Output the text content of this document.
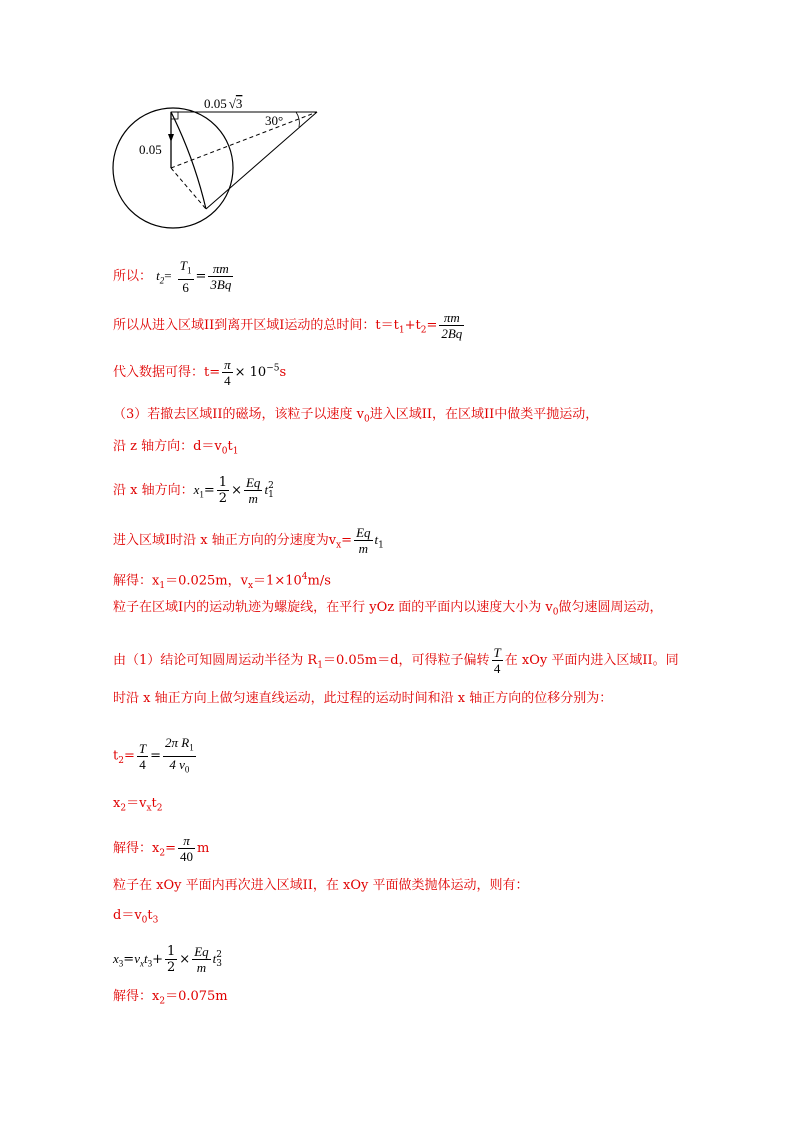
0.05 √3
30°
0.05
所以： $t_2= \frac{T_1}{6} = \frac{\pi m}{3Bq}$
所以从进入区域II到离开区域Ⅰ运动的总时间：$t=t_1+t_2= \frac{\pi m}{2Bq}$
代入数据可得：$t= \frac{\pi}{4} \times 10^{-5}s$
（3）若撤去区域II的磁场，该粒子以速度 $v_0$进入区域II，在区域II中做类平抛运动，
沿 z 轴方向：$d=v_0t_1$
沿 x 轴方向：$x_1= \frac{1}{2} \times \frac{Eq}{m}$ t 2
1
进入区域Ⅰ时沿 x 轴正方向的分速度为$v_x= \frac{Eq}{m} t_1$
解得：$x_1=0.025m$，$v_x=1\times 10^4m/s$
粒子在区域Ⅰ内的运动轨迹为螺旋线，在平行 yOz 面的平面内以速度大小为 $v_0$做匀速圆周运动，
由（1）结论可知圆周运动半径为 $R_1=0.05m=d$，可得粒子偏转 $\frac{T}{4}$ 在 xOy 平面内进入区域II。同
时沿 x 轴正方向上做匀速直线运动，此过程的运动时间和沿 x 轴正方向的位移分别为：
$t_2= \frac{T}{4} = \frac{2\pi R_1}{4 v_0}$
$x_2=v_xt_2$
解得：$x_2= \frac{\pi}{40}$ m
粒子在 xOy 平面内再次进入区域II，在 xOy 平面做类抛体运动，则有：
$d=v_0t_3$
$x_3=v_xt_3+ \frac{1}{2} \times \frac{Eq}{m}$ t 2
3
解得：$x_2=0.075m$
